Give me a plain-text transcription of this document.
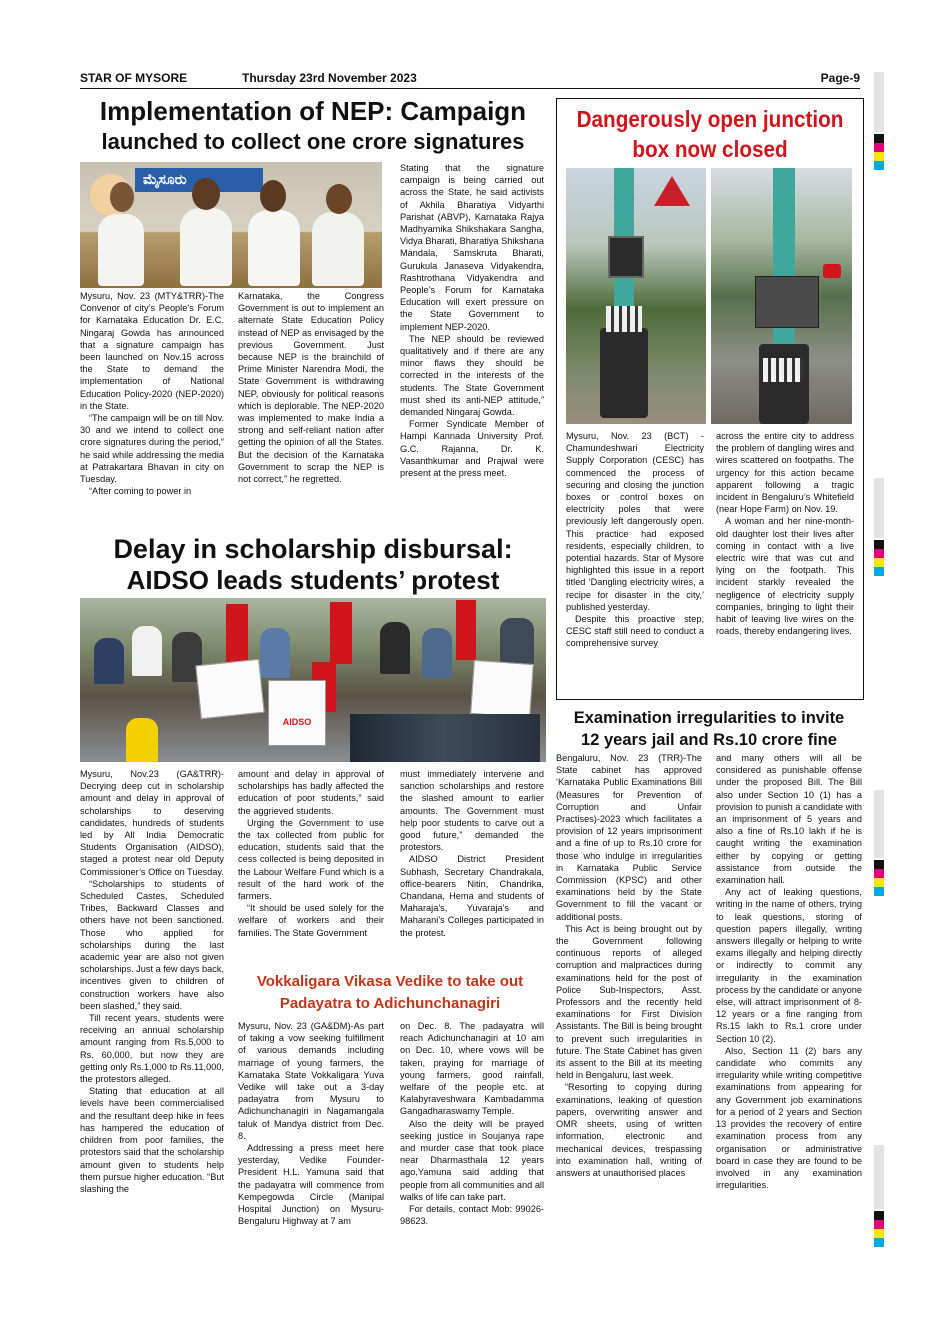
STAR OF MYSORE	Thursday 23rd November 2023	Page-9
Implementation of NEP: Campaign
launched to collect one crore signatures
ಮೈಸೂರು

Mysuru, Nov. 23 (MTY&TRR)-The Convenor of city’s People’s Forum for Karnataka Education Dr. E.C. Ningaraj Gowda has announced that a signature campaign has been launched on Nov.15 across the State to demand the implementation of National Education Policy-2020 (NEP-2020) in the State.

“The campaign will be on till Nov. 30 and we intend to collect one crore signatures during the period,” he said while addressing the media at Patrakartara Bhavan in city on Tuesday.

“After coming to power in

Karnataka, the Congress Government is out to implement an alternate State Education Policy instead of NEP as envisaged by the previous Government. Just because NEP is the brainchild of Prime Minister Narendra Modi, the State Government is withdrawing NEP, obviously for political reasons which is deplorable. The NEP-2020 was implemented to make India a strong and self-reliant nation after getting the opinion of all the States. But the decision of the Karnataka Government to scrap the NEP is not correct,” he regretted.

Stating that the signature campaign is being carried out across the State, he said activists of Akhila Bharatiya Vidyarthi Parishat (ABVP), Karnataka Rajya Madhyamika Shikshakara Sangha, Vidya Bharati, Bharatiya Shikshana Mandala, Samskruta Bharati, Gurukula Janaseva Vidyakendra, Rashtrothana Vidyakendra and People’s Forum for Karnataka Education will exert pressure on the State Government to implement NEP-2020.

The NEP should be reviewed qualitatively and if there are any minor flaws they should be corrected in the interests of the students. The State Government must shed its anti-NEP attitude,” demanded Ningaraj Gowda.

Former Syndicate Member of Hampi Kannada University Prof. G.C. Rajanna, Dr. K. Vasanthkumar and Prajwal were present at the press meet.

Dangerously open junction
box now closed

Mysuru, Nov. 23 (BCT) - Chamundeshwari Electricity Supply Corporation (CESC) has commenced the process of securing and closing the junction boxes or control boxes on electricity poles that were previously left dangerously open. This practice had exposed residents, especially children, to potential hazards. Star of Mysore highlighted this issue in a report titled ‘Dangling electricity wires, a recipe for disaster in the city,’ published yesterday.

Despite this proactive step, CESC staff still need to conduct a comprehensive survey

across the entire city to address the problem of dangling wires and wires scattered on footpaths. The urgency for this action became apparent following a tragic incident in Bengaluru’s Whitefield (near Hope Farm) on Nov. 19.

A woman and her nine-month-old daughter lost their lives after coming in contact with a live electric wire that was cut and lying on the footpath. This incident starkly revealed the negligence of electricity supply companies, bringing to light their habit of leaving live wires on the roads, thereby endangering lives.

Delay in scholarship disbursal:
AIDSO leads students’ protest
AIDSO

Mysuru, Nov.23 (GA&TRR)-Decrying deep cut in scholarship amount and delay in approval of scholarships to deserving candidates, hundreds of students led by All India Democratic Students Organisation (AIDSO), staged a protest near old Deputy Commissioner’s Office on Tuesday.

“Scholarships to students of Scheduled Castes, Scheduled Tribes, Backward Classes and others have not been sanctioned. Those who applied for scholarships during the last academic year are also not given scholarships. Just a few days back, incentives given to children of construction workers have also been slashed,” they said.

Till recent years, students were receiving an annual scholarship amount ranging from Rs.5,000 to Rs. 60,000, but now they are getting only Rs.1,000 to Rs.11,000, the protestors alleged.

Stating that education at all levels have been commercialised and the resultant deep hike in fees has hampered the education of children from poor families, the protestors said that the scholarship amount given to students help them pursue higher education. “But slashing the

amount and delay in approval of scholarships has badly affected the education of poor students,” said the aggrieved students.

Urging the Government to use the tax collected from public for education, students said that the cess collected is being deposited in the Labour Welfare Fund which is a result of the hard work of the farmers.

“It should be used solely for the welfare of workers and their families. The State Government

must immediately intervene and sanction scholarships and restore the slashed amount to earlier amounts. The Government must help poor students to carve out a good future,” demanded the protestors.

AIDSO District President Subhash, Secretary Chandrakala, office-bearers Nitin, Chandrika, Chandana, Hema and students of Maharaja’s, Yuvaraja’s and Maharani’s Colleges participated in the protest.

Vokkaligara Vikasa Vedike to take out
Padayatra to Adichunchanagiri

Mysuru, Nov. 23 (GA&DM)-As part of taking a vow seeking fulfillment of various demands including marriage of young farmers, the Karnataka State Vokkaligara Yuva Vedike will take out a 3-day padayatra from Mysuru to Adichunchanagiri in Nagamangala taluk of Mandya district from Dec. 8.

Addressing a press meet here yesterday, Vedike Founder-President H.L. Yamuna said that the padayatra will commence from Kempegowda Circle (Manipal Hospital Junction) on Mysuru-Bengaluru Highway at 7 am

on Dec. 8. The padayatra will reach Adichunchanagiri at 10 am on Dec. 10, where vows will be taken, praying for marriage of young farmers, good rainfall, welfare of the people etc. at Kalabyraveshwara Kambadamma Gangadharaswamy Temple.

Also the deity will be prayed seeking justice in Soujanya rape and murder case that took place near Dharmasthala 12 years ago,Yamuna said adding that people from all communities and all walks of life can take part.

For details, contact Mob: 99026-98623.

Examination irregularities to invite
12 years jail and Rs.10 crore fine

Bengaluru, Nov. 23 (TRR)-The State cabinet has approved ‘Karnataka Public Examinations Bill (Measures for Prevention of Corruption and Unfair Practises)-2023 which facilitates a provision of 12 years imprisonment and a fine of up to Rs.10 crore for those who indulge in irregularities in Karnataka Public Service Commission (KPSC) and other examinations held by the State Government to fill the vacant or additional posts.

This Act is being brought out by the Government following continuous reports of alleged corruption and malpractices during examinations held for the post of Police Sub-Inspectors, Asst. Professors and the recently held examinations for First Division Assistants. The Bill is being brought to prevent such irregularities in future. The State Cabinet has given its assent to the Bill at its meeting held in Bengaluru, last week.

“Resorting to copying during examinations, leaking of question papers, overwriting answer and OMR sheets, using of written information, electronic and mechanical devices, trespassing into examination hall, writing of answers at unauthorised places

and many others will all be considered as punishable offense under the proposed Bill. The Bill also under Section 10 (1) has a provision to punish a candidate with an imprisonment of 5 years and also a fine of Rs.10 lakh if he is caught writing the examination either by copying or getting assistance from outside the examination hall.

Any act of leaking questions, writing in the name of others, trying to leak questions, storing of question papers illegally, writing answers illegally or helping to write exams illegally and helping directly or indirectly to commit any irregularity in the examination process by the candidate or anyone else, will attract imprisonment of 8-12 years or a fine ranging from Rs.15 lakh to Rs.1 crore under Section 10 (2).

Also, Section 11 (2) bars any candidate who commits any irregularity while writing competitive examinations from appearing for any Government job examinations for a period of 2 years and Section 13 provides the recovery of entire examination process from any organisation or administrative board in case they are found to be involved in any examination irregularities.
